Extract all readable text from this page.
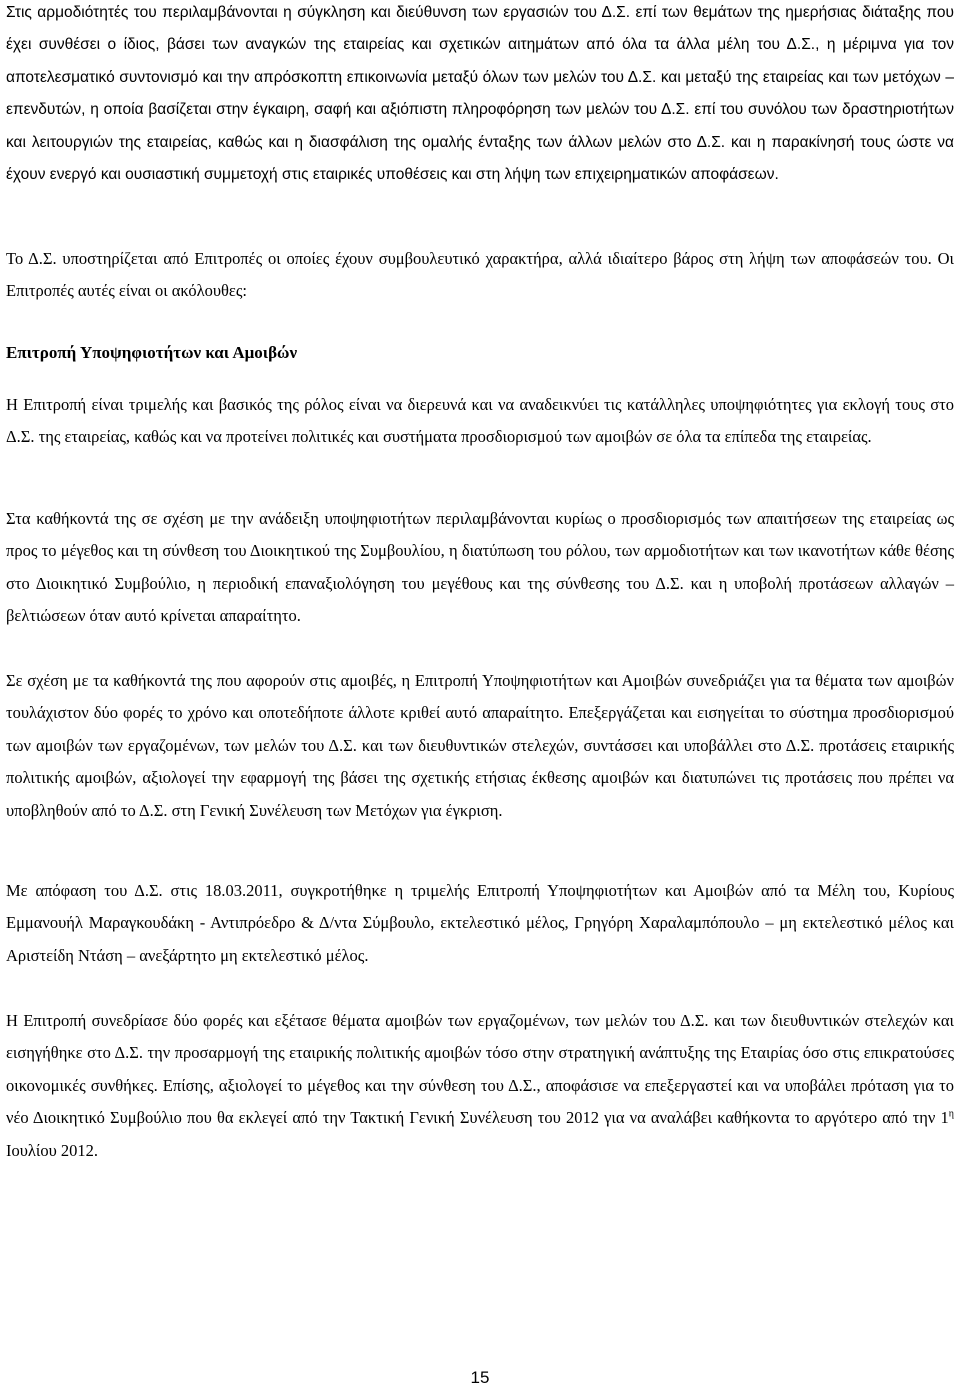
Στις αρμοδιότητές του περιλαμβάνονται η σύγκληση και διεύθυνση των εργασιών του Δ.Σ. επί των θεμάτων της ημερήσιας διάταξης που έχει συνθέσει ο ίδιος, βάσει των αναγκών της εταιρείας και σχετικών αιτημάτων από όλα τα άλλα μέλη του Δ.Σ., η μέριμνα για τον αποτελεσματικό συντονισμό και την απρόσκοπτη επικοινωνία μεταξύ όλων των μελών του Δ.Σ. και μεταξύ της εταιρείας και των μετόχων – επενδυτών, η οποία βασίζεται στην έγκαιρη, σαφή και αξιόπιστη πληροφόρηση των μελών του Δ.Σ. επί του συνόλου των δραστηριοτήτων και λειτουργιών της εταιρείας, καθώς και η διασφάλιση της ομαλής ένταξης των άλλων μελών στο Δ.Σ. και η παρακίνησή τους ώστε να έχουν ενεργό και ουσιαστική συμμετοχή στις εταιρικές υποθέσεις και στη λήψη των επιχειρηματικών αποφάσεων.

Το Δ.Σ. υποστηρίζεται από Επιτροπές οι οποίες έχουν συμβουλευτικό χαρακτήρα, αλλά ιδιαίτερο βάρος στη λήψη των αποφάσεών του. Οι Επιτροπές αυτές είναι οι ακόλουθες:

Επιτροπή Υποψηφιοτήτων και Αμοιβών

Η Επιτροπή είναι τριμελής και βασικός της ρόλος είναι να διερευνά και να αναδεικνύει τις κατάλληλες υποψηφιότητες για εκλογή τους στο Δ.Σ. της εταιρείας, καθώς και να προτείνει πολιτικές και συστήματα προσδιορισμού των αμοιβών σε όλα τα επίπεδα της εταιρείας.

Στα καθήκοντά της σε σχέση με την ανάδειξη υποψηφιοτήτων περιλαμβάνονται κυρίως ο προσδιορισμός των απαιτήσεων της εταιρείας ως προς το μέγεθος και τη σύνθεση του Διοικητικού της Συμβουλίου, η διατύπωση του ρόλου, των αρμοδιοτήτων και των ικανοτήτων κάθε θέσης στο Διοικητικό Συμβούλιο, η περιοδική επαναξιολόγηση του μεγέθους και της σύνθεσης του Δ.Σ. και η υποβολή προτάσεων αλλαγών – βελτιώσεων όταν αυτό κρίνεται απαραίτητο.

Σε σχέση με τα καθήκοντά της που αφορούν στις αμοιβές, η Επιτροπή Υποψηφιοτήτων και Αμοιβών συνεδριάζει για τα θέματα των αμοιβών τουλάχιστον δύο φορές το χρόνο και οποτεδήποτε άλλοτε κριθεί αυτό απαραίτητο. Επεξεργάζεται και εισηγείται το σύστημα προσδιορισμού των αμοιβών των εργαζομένων, των μελών του Δ.Σ. και των διευθυντικών στελεχών, συντάσσει και υποβάλλει στο Δ.Σ. προτάσεις εταιρικής πολιτικής αμοιβών, αξιολογεί την εφαρμογή της βάσει της σχετικής ετήσιας έκθεσης αμοιβών και διατυπώνει τις προτάσεις που πρέπει να υποβληθούν από το Δ.Σ. στη Γενική Συνέλευση των Μετόχων για έγκριση.

Με απόφαση του Δ.Σ. στις 18.03.2011, συγκροτήθηκε η τριμελής Επιτροπή Υποψηφιοτήτων και Αμοιβών από τα Μέλη του, Κυρίους Εμμανουήλ Μαραγκουδάκη - Αντιπρόεδρο & Δ/ντα Σύμβουλο, εκτελεστικό μέλος, Γρηγόρη Χαραλαμπόπουλο – μη εκτελεστικό μέλος και Αριστείδη Ντάση – ανεξάρτητο μη εκτελεστικό μέλος.

Η Επιτροπή συνεδρίασε δύο φορές και εξέτασε θέματα αμοιβών των εργαζομένων, των μελών του Δ.Σ. και των διευθυντικών στελεχών και εισηγήθηκε στο Δ.Σ. την προσαρμογή της εταιρικής πολιτικής αμοιβών τόσο στην στρατηγική ανάπτυξης της Εταιρίας όσο στις επικρατούσες οικονομικές συνθήκες. Επίσης, αξιολογεί το μέγεθος και την σύνθεση του Δ.Σ., αποφάσισε να επεξεργαστεί και να υποβάλει πρόταση για το νέο Διοικητικό Συμβούλιο που θα εκλεγεί από την Τακτική Γενική Συνέλευση του 2012 για να αναλάβει καθήκοντα το αργότερο από την $1^\eta$ Ιουλίου 2012.

15
